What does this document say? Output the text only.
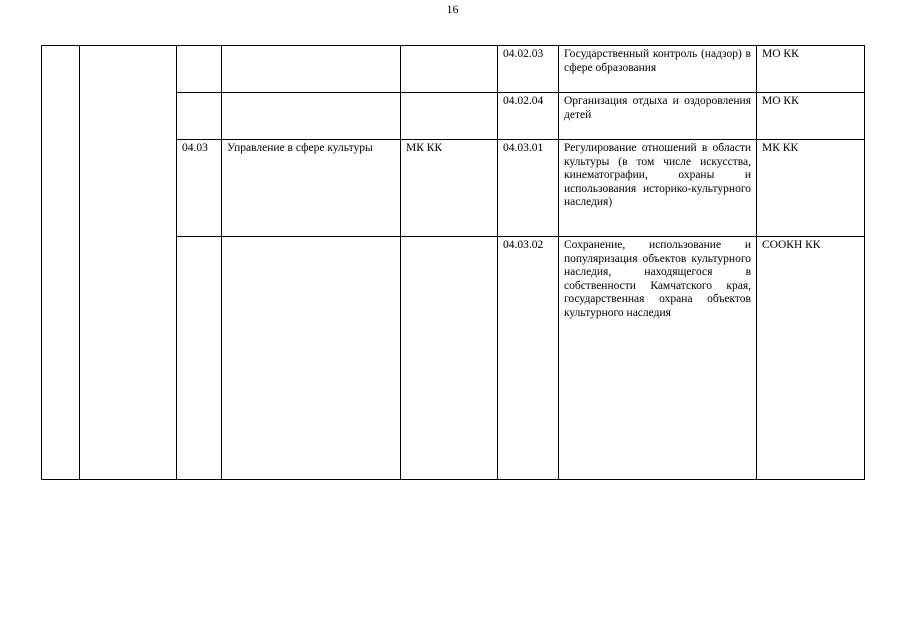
16
					04.02.03	Государственный контроль (надзор) в сфере образования	МО КК
					04.02.04	Организация отдыха и оздоровления детей	МО КК
		04.03	Управление в сфере культуры	МК КК	04.03.01	Регулирование отношений в области культуры (в том числе искусства, кинематографии, охраны и использования историко-культурного наследия)	МК КК
					04.03.02	Сохранение, использование и популяризация объектов культурного наследия, находящегося в собственности Камчатского края, государственная охрана объектов культурного наследия	СООКН КК
